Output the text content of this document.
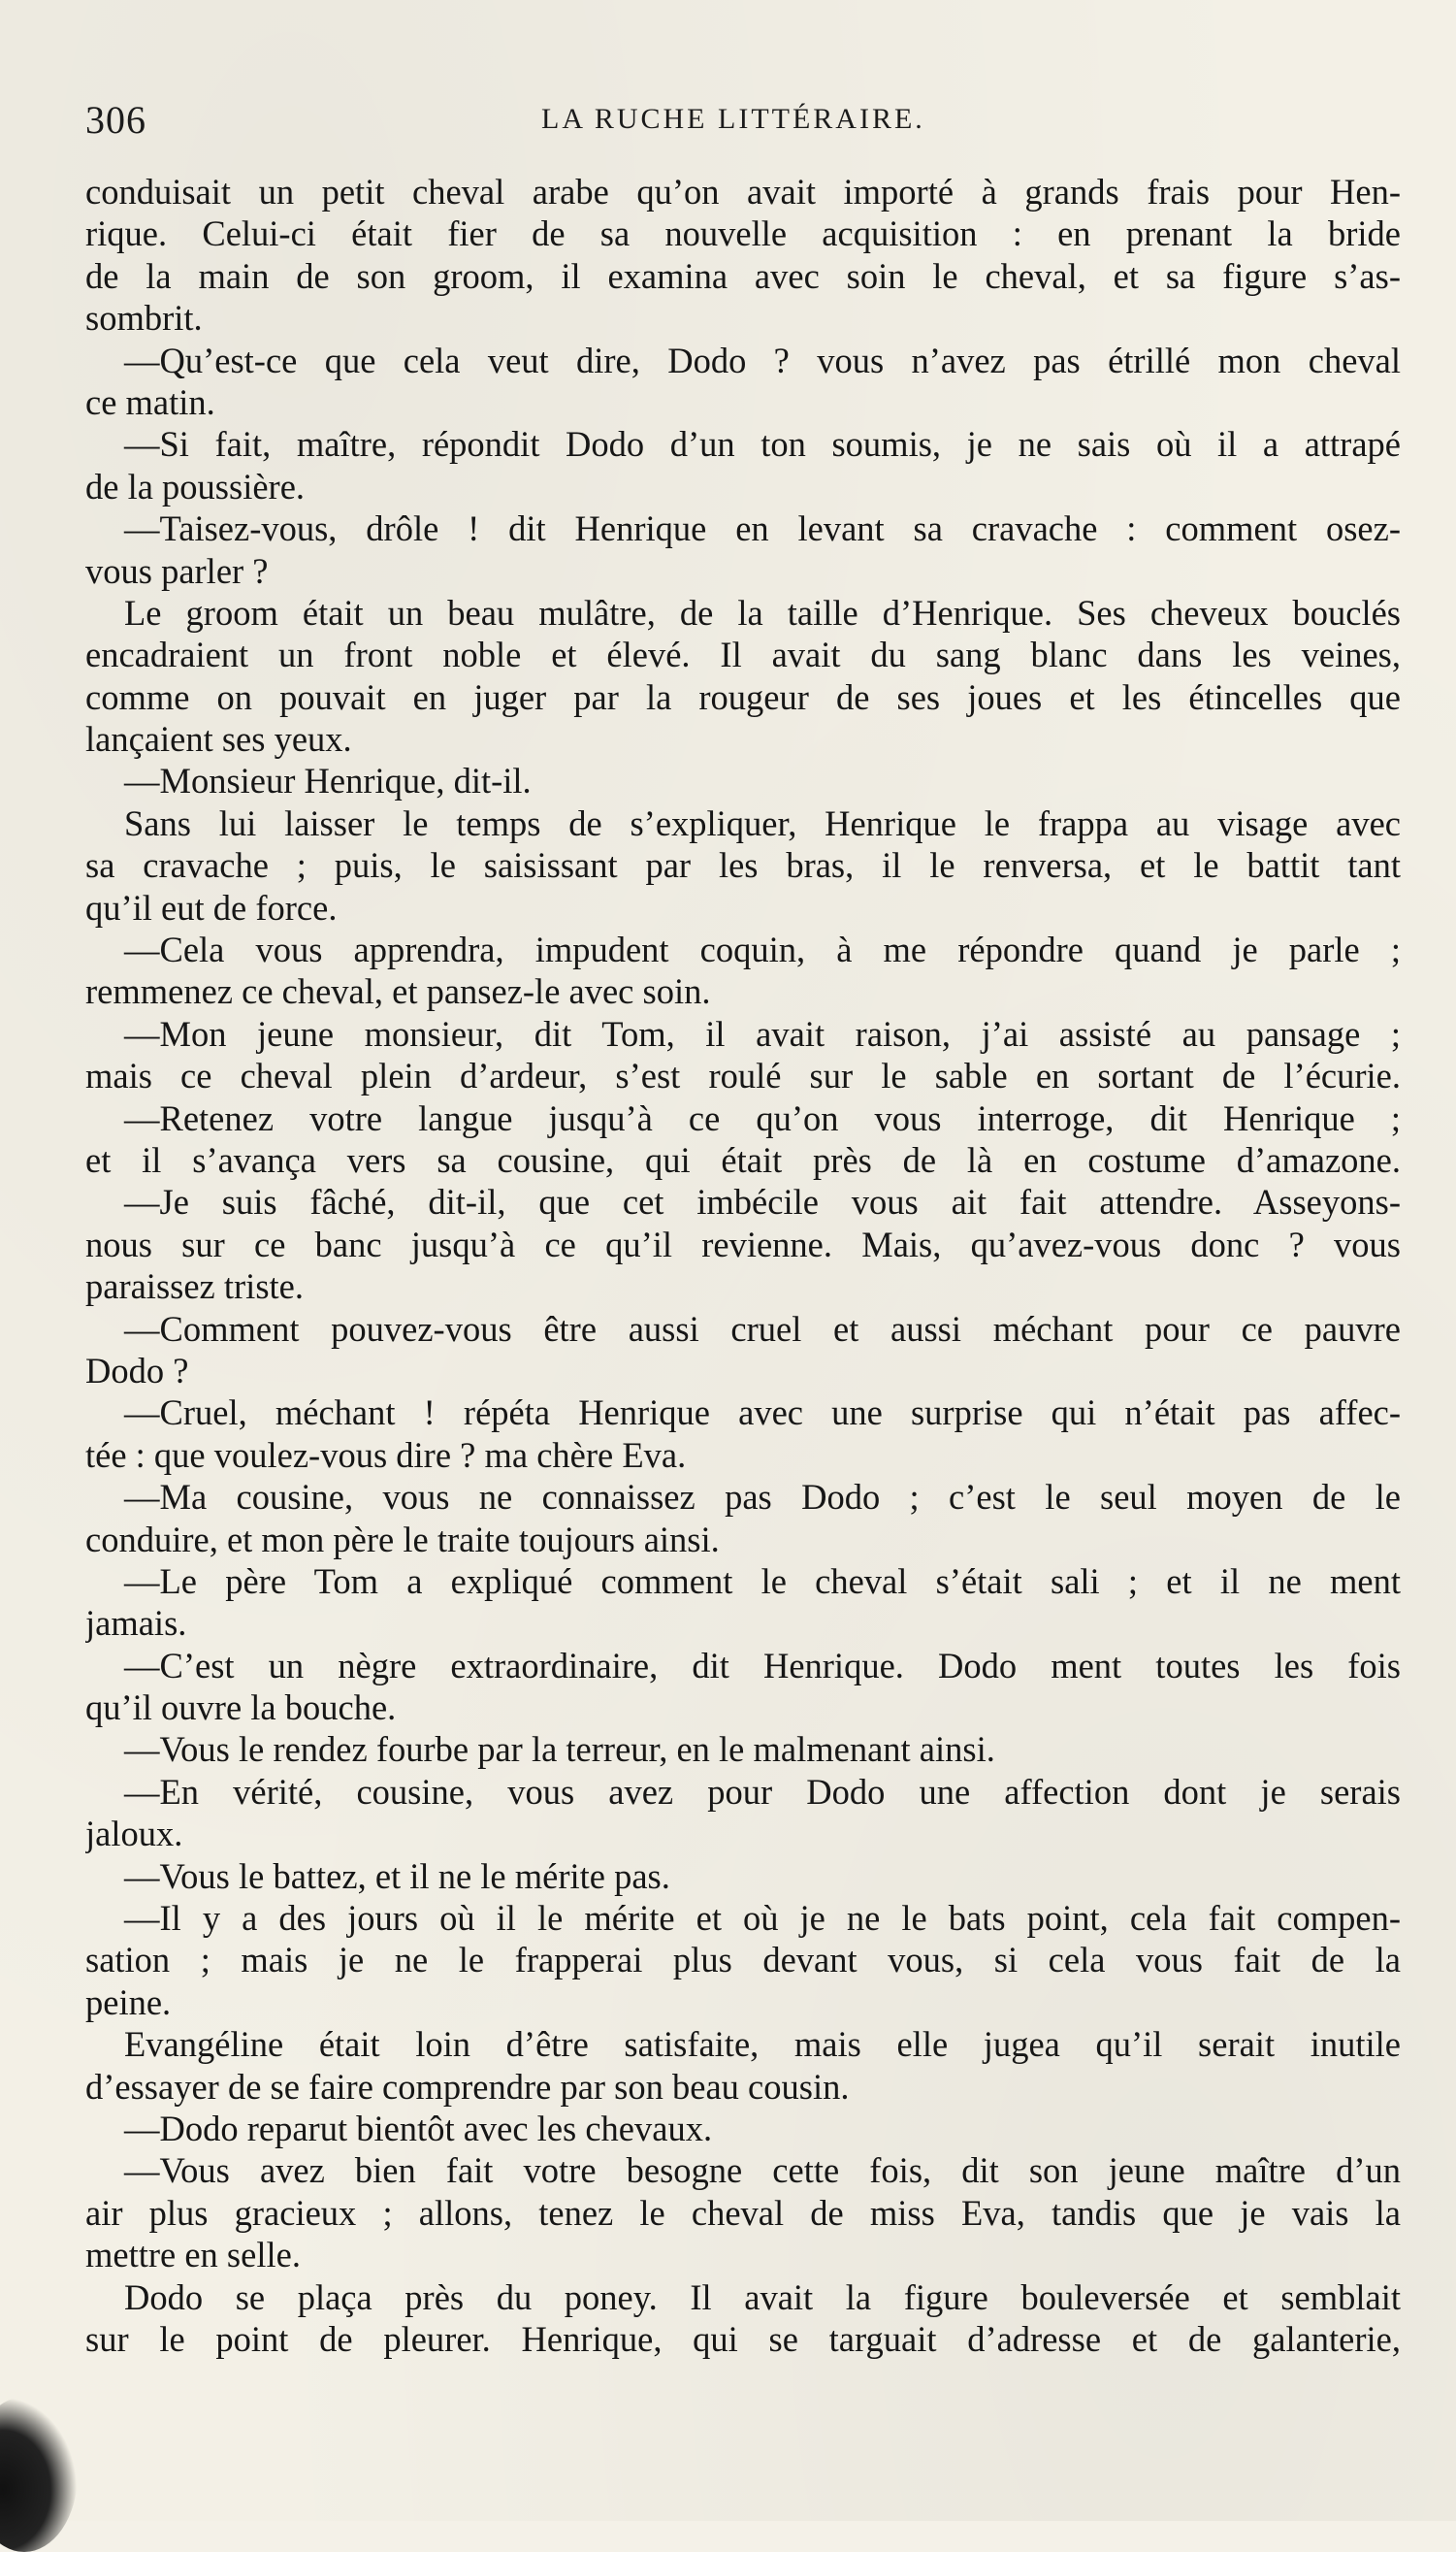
306	LA RUCHE LITTÉRAIRE.
conduisait un petit cheval arabe qu’on avait importé à grands frais pour Hen-
rique. Celui-ci était fier de sa nouvelle acquisition : en prenant la bride
de la main de son groom, il examina avec soin le cheval, et sa figure s’as-
sombrit.
—Qu’est-ce que cela veut dire, Dodo ? vous n’avez pas étrillé mon cheval
ce matin.
—Si fait, maître, répondit Dodo d’un ton soumis, je ne sais où il a attrapé
de la poussière.
—Taisez-vous, drôle ! dit Henrique en levant sa cravache : comment osez-
vous parler ?
Le groom était un beau mulâtre, de la taille d’Henrique. Ses cheveux bouclés
encadraient un front noble et élevé. Il avait du sang blanc dans les veines,
comme on pouvait en juger par la rougeur de ses joues et les étincelles que
lançaient ses yeux.
—Monsieur Henrique, dit-il.
Sans lui laisser le temps de s’expliquer, Henrique le frappa au visage avec
sa cravache ; puis, le saisissant par les bras, il le renversa, et le battit tant
qu’il eut de force.
—Cela vous apprendra, impudent coquin, à me répondre quand je parle ;
remmenez ce cheval, et pansez-le avec soin.
—Mon jeune monsieur, dit Tom, il avait raison, j’ai assisté au pansage ;
mais ce cheval plein d’ardeur, s’est roulé sur le sable en sortant de l’écurie.
—Retenez votre langue jusqu’à ce qu’on vous interroge, dit Henrique ;
et il s’avança vers sa cousine, qui était près de là en costume d’amazone.
—Je suis fâché, dit-il, que cet imbécile vous ait fait attendre. Asseyons-
nous sur ce banc jusqu’à ce qu’il revienne. Mais, qu’avez-vous donc ? vous
paraissez triste.
—Comment pouvez-vous être aussi cruel et aussi méchant pour ce pauvre
Dodo ?
—Cruel, méchant ! répéta Henrique avec une surprise qui n’était pas affec-
tée : que voulez-vous dire ? ma chère Eva.
—Ma cousine, vous ne connaissez pas Dodo ; c’est le seul moyen de le
conduire, et mon père le traite toujours ainsi.
—Le père Tom a expliqué comment le cheval s’était sali ; et il ne ment
jamais.
—C’est un nègre extraordinaire, dit Henrique. Dodo ment toutes les fois
qu’il ouvre la bouche.
—Vous le rendez fourbe par la terreur, en le malmenant ainsi.
—En vérité, cousine, vous avez pour Dodo une affection dont je serais
jaloux.
—Vous le battez, et il ne le mérite pas.
—Il y a des jours où il le mérite et où je ne le bats point, cela fait compen-
sation ; mais je ne le frapperai plus devant vous, si cela vous fait de la
peine.
Evangéline était loin d’être satisfaite, mais elle jugea qu’il serait inutile
d’essayer de se faire comprendre par son beau cousin.
—Dodo reparut bientôt avec les chevaux.
—Vous avez bien fait votre besogne cette fois, dit son jeune maître d’un
air plus gracieux ; allons, tenez le cheval de miss Eva, tandis que je vais la
mettre en selle.
Dodo se plaça près du poney. Il avait la figure bouleversée et semblait
sur le point de pleurer. Henrique, qui se targuait d’adresse et de galanterie,
